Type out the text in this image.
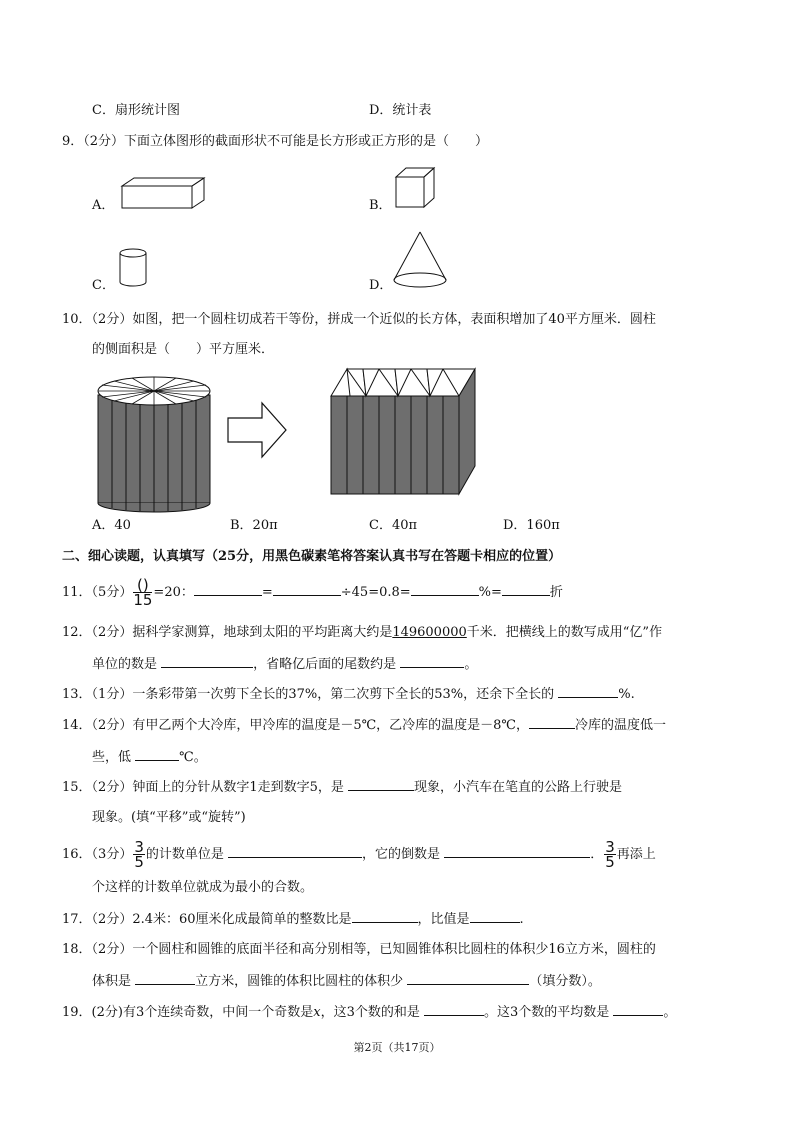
C．扇形统计图	D．统计表
9．（2分）下面立体图形的截面形状不可能是长方形或正方形的是（　　）
A．	B．
C．	D．
10．（2分）如图，把一个圆柱切成若干等份，拼成一个近似的长方体，表面积增加了40平方厘米．圆柱
的侧面积是（　　）平方厘米．
A．40	B．20π	C．40π	D．160π
二、细心读题，认真填写（25分，用黑色碳素笔将答案认真书写在答题卡相应的位置）
11．（5分） $\frac{()}{15} =20$：	=	÷45=0.8=	%=	折
12．（2分）据科学家测算，地球到太阳的平均距离大约是149600000千米．把横线上的数写成用“亿”作
单位的数是	，省略亿后面的尾数约是	。
13．（1分）一条彩带第一次剪下全长的37%，第二次剪下全长的53%，还余下全长的	%.
14．（2分）有甲乙两个大冷库，甲冷库的温度是－5℃，乙冷库的温度是－8℃，	冷库的温度低一
些，低	℃。
15．（2分）钟面上的分针从数字1走到数字5，是	现象，小汽车在笔直的公路上行驶是
现象。(填“平移”或“旋转”)
16．（3分） $\frac{3}{5}$ 的计数单位是	，它的倒数是	． $\frac{3}{5}$ 再添上
个这样的计数单位就成为最小的合数。
17．（2分）2.4米：60厘米化成最简单的整数比是	，比值是	.
18．（2分）一个圆柱和圆锥的底面半径和高分别相等，已知圆锥体积比圆柱的体积少16立方米，圆柱的
体积是	立方米，圆锥的体积比圆柱的体积少	（填分数）。
19．(2分)有3个连续奇数，中间一个奇数是x，这3个数的和是	。这3个数的平均数是	。
第2页（共17页）
